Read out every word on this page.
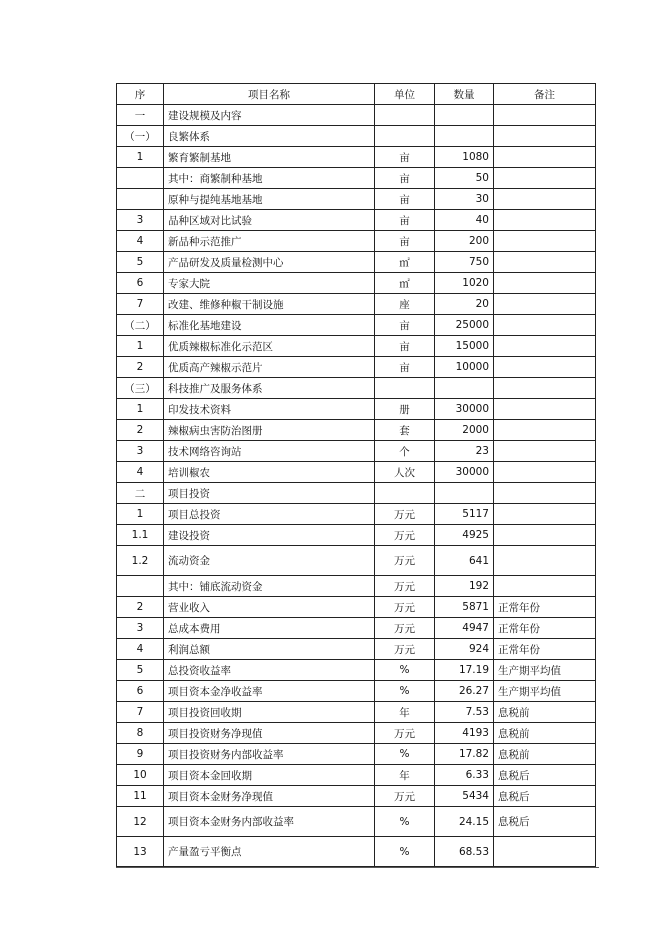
序	项目名称	单位	数量	备注
一	建设规模及内容			
（一）	良繁体系			
1	繁育繁制基地	亩	1080	
	其中：商繁制种基地	亩	50	
	原种与提纯基地基地	亩	30	
3	品种区域对比试验	亩	40	
4	新品种示范推广	亩	200	
5	产品研发及质量检测中心	㎡	750	
6	专家大院	㎡	1020	
7	改建、维修种椒干制设施	座	20	
（二）	标准化基地建设	亩	25000	
1	优质辣椒标准化示范区	亩	15000	
2	优质高产辣椒示范片	亩	10000	
（三）	科技推广及服务体系			
1	印发技术资料	册	30000	
2	辣椒病虫害防治图册	套	2000	
3	技术网络咨询站	个	23	
4	培训椒农	人次	30000	
二	项目投资			
1	项目总投资	万元	5117	
1.1	建设投资	万元	4925	
1.2	流动资金	万元	641	
	其中：铺底流动资金	万元	192	
2	营业收入	万元	5871	正常年份
3	总成本费用	万元	4947	正常年份
4	利润总额	万元	924	正常年份
5	总投资收益率	%	17.19	生产期平均值
6	项目资本金净收益率	%	26.27	生产期平均值
7	项目投资回收期	年	7.53	息税前
8	项目投资财务净现值	万元	4193	息税前
9	项目投资财务内部收益率	%	17.82	息税前
10	项目资本金回收期	年	6.33	息税后
11	项目资本金财务净现值	万元	5434	息税后
12	项目资本金财务内部收益率	%	24.15	息税后
13	产量盈亏平衡点	%	68.53	
